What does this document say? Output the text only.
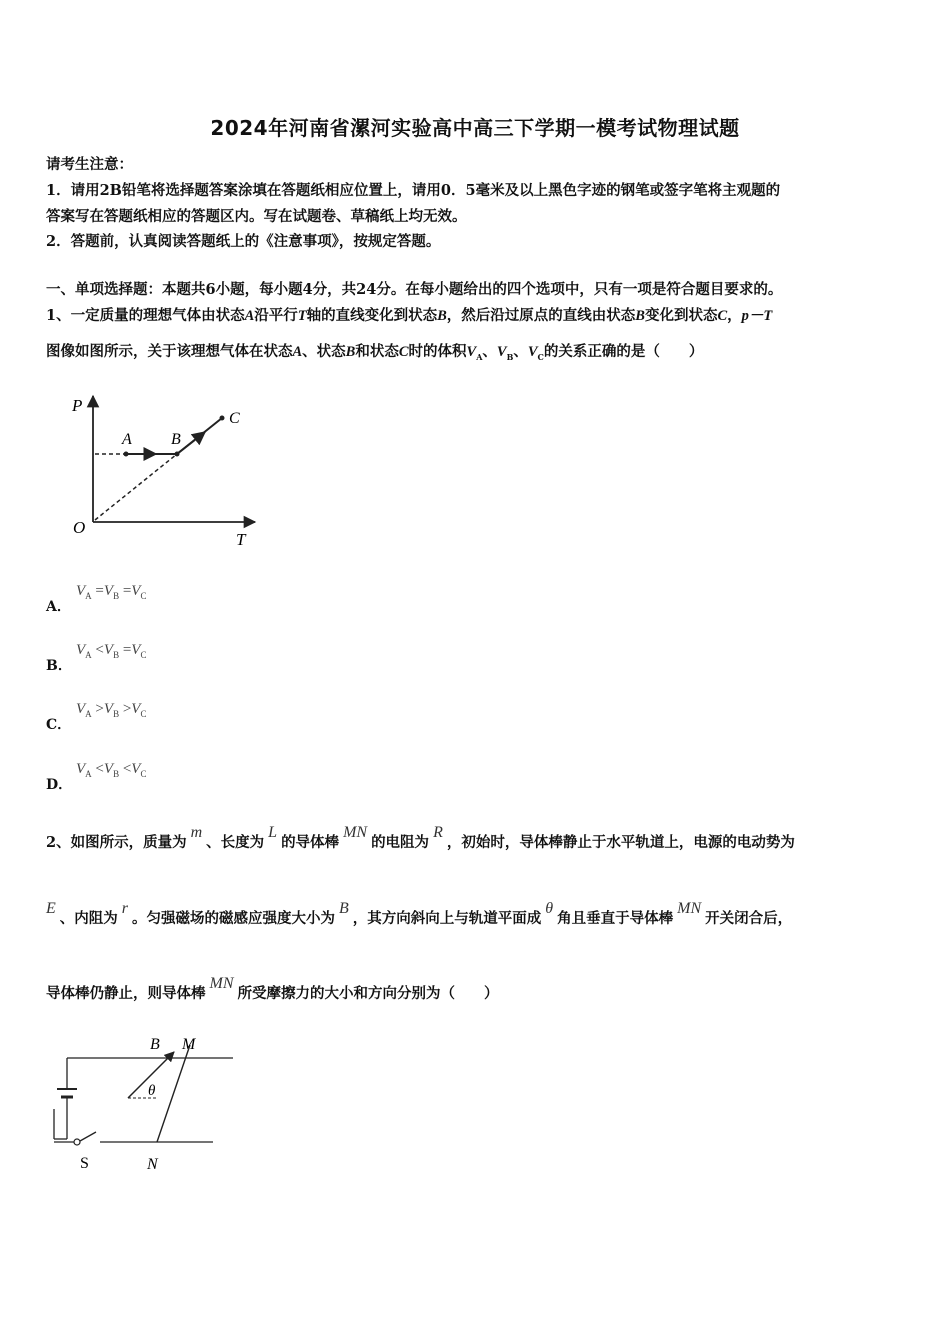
2024年河南省漯河实验高中高三下学期一模考试物理试题
请考生注意：
1．请用2B铅笔将选择题答案涂填在答题纸相应位置上，请用0．5毫米及以上黑色字迹的钢笔或签字笔将主观题的
答案写在答题纸相应的答题区内。写在试题卷、草稿纸上均无效。
2．答题前，认真阅读答题纸上的《注意事项》，按规定答题。
一、单项选择题：本题共6小题，每小题4分，共24分。在每小题给出的四个选项中，只有一项是符合题目要求的。
1、一定质量的理想气体由状态A沿平行T轴的直线变化到状态B，然后沿过原点的直线由状态B变化到状态C，p－T
图像如图所示，关于该理想气体在状态A、状态B和状态C时的体积$V_A$、$V_B$、$V_C$的关系正确的是（　　）
P
T
O
A B
C
A．
$V_A =V_B =V_C$
B．
$V_A <V_B =V_C$
C．
$V_A >V_B >V_C$
D．
$V_A <V_B <V_C$
2、如图所示，质量为m、长度为L的导体棒MN的电阻为R，初始时，导体棒静止于水平轨道上，电源的电动势为
E、内阻为r。匀强磁场的磁感应强度大小为B，其方向斜向上与轨道平面成θ角且垂直于导体棒MN开关闭合后，
导体棒仍静止，则导体棒MN所受摩擦力的大小和方向分别为（　　）
B M
θ
S	N
